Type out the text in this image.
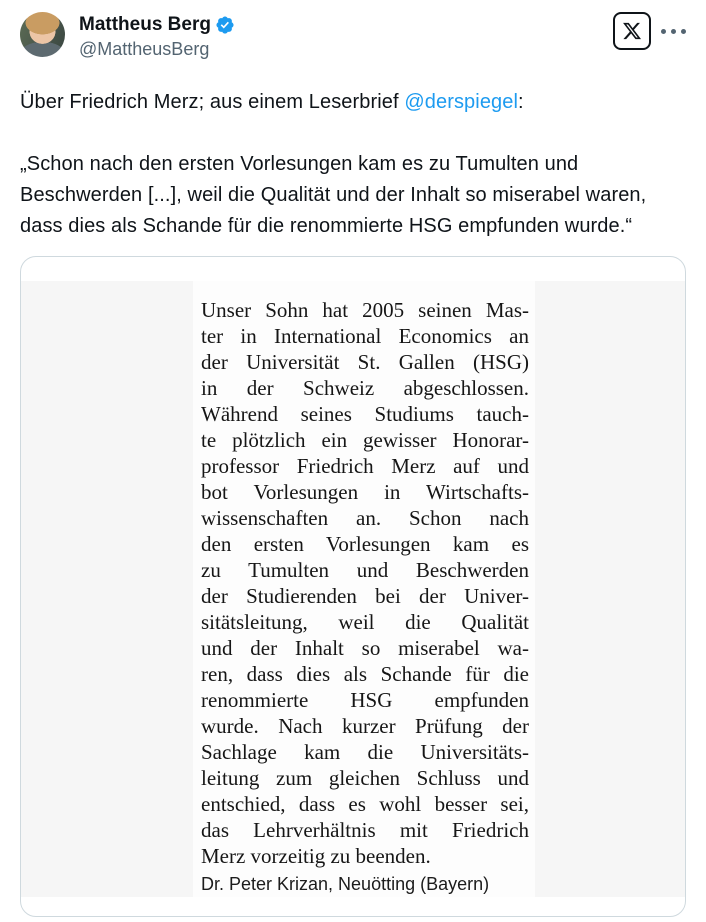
Mattheus Berg
@MattheusBerg
Über Friedrich Merz; aus einem Leserbrief @derspiegel:
„Schon nach den ersten Vorlesungen kam es zu Tumulten und Beschwerden [...], weil die Qualität und der Inhalt so miserabel waren, dass dies als Schande für die renommierte HSG empfunden wurde.“
Unser Sohn hat 2005 seinen Mas-
ter in International Economics an
der Universität St. Gallen (HSG)
in der Schweiz abgeschlossen.
Während seines Studiums tauch-
te plötzlich ein gewisser Honorar-
professor Friedrich Merz auf und
bot Vorlesungen in Wirtschafts-
wissenschaften an. Schon nach
den ersten Vorlesungen kam es
zu Tumulten und Beschwerden
der Studierenden bei der Univer-
sitätsleitung, weil die Qualität
und der Inhalt so miserabel wa-
ren, dass dies als Schande für die
renommierte HSG empfunden
wurde. Nach kurzer Prüfung der
Sachlage kam die Universitäts-
leitung zum gleichen Schluss und
entschied, dass es wohl besser sei,
das Lehrverhältnis mit Friedrich
Merz vorzeitig zu beenden.
Dr. Peter Krizan, Neuötting (Bayern)
